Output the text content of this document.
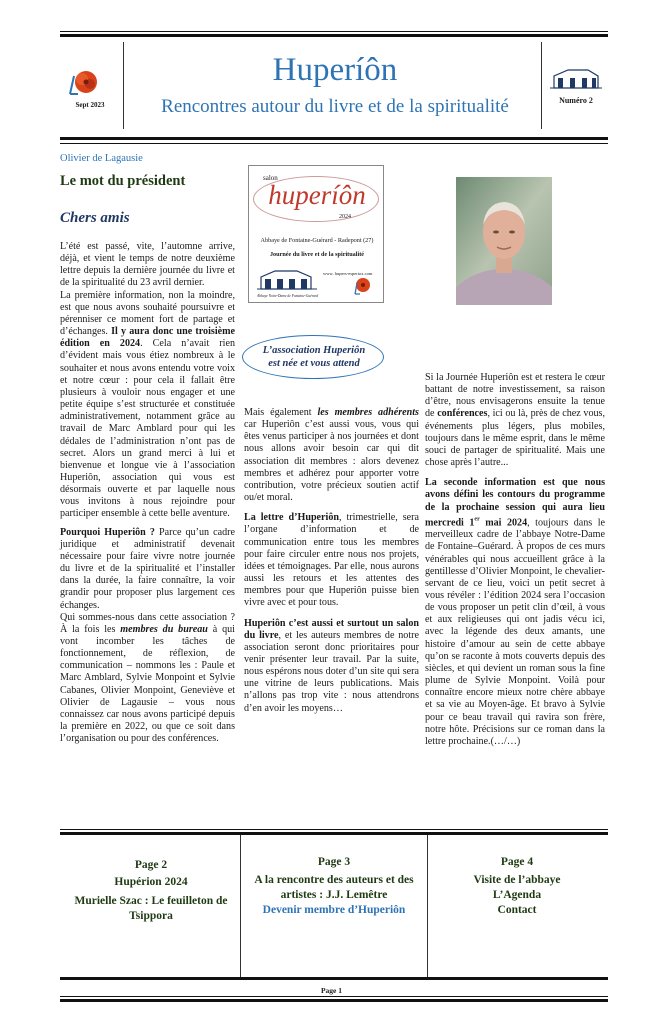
Sept 2023
Huperíôn
Rencontres autour du livre et de la spiritualité	Numéro 2
Olivier de Lagausie
Le mot du président
Chers amis

L’été est passé, vite, l’automne arrive, déjà, et vient le temps de notre deuxième lettre depuis la dernière journée du livre et de la spiritualité du 23 avril dernier.

La première information, non la moindre, est que nous avons souhaité poursuivre et pérenniser ce moment fort de partage et d’échanges. Il y aura donc une troisième édition en 2024. Cela n’avait rien d’évident mais vous étiez nombreux à le souhaiter et nous avons entendu votre voix et notre cœur : pour cela il fallait être plusieurs à vouloir nous engager et une petite équipe s’est structurée et constituée administrativement, notamment grâce au travail de Marc Amblard pour qui les dédales de l’administration n’ont pas de secret. Alors un grand merci à lui et bienvenue et longue vie à l’association Huperiôn, association qui vous est désormais ouverte et par laquelle nous vous invitons à nous rejoindre pour participer ensemble à cette belle aventure.

Pourquoi Huperiôn ? Parce qu’un cadre juridique et administratif devenait nécessaire pour faire vivre notre journée du livre et de la spiritualité et l’installer dans la durée, la faire connaître, la voir grandir pour proposer plus largement ces échanges.

Qui sommes-nous dans cette association ? À la fois les membres du bureau à qui vont incomber les tâches de fonctionnement, de réflexion, de communication – nommons les : Paule et Marc Amblard, Sylvie Monpoint et Sylvie Cabanes, Olivier Monpoint, Geneviève et Olivier de Lagausie – vous nous connaissez car nous avons participé depuis la première en 2022, ou que ce soit dans l’organisation ou pour des conférences.

salon
huperíôn
2024
Abbaye de Fontaine-Guérard - Radepont (27)
Journée du livre et de la spiritualité
www. hupers-esperiox.com
Abbaye Notre-Dame de Fontaine-Guérard
L’association Huperiôn
est née et vous attend

Mais également les membres adhérents car Huperiôn c’est aussi vous, vous qui êtes venus participer à nos journées et dont nous allons avoir besoin car qui dit association dit membres : alors devenez membres et adhérez pour apporter votre contribution, votre précieux soutien actif ou/et moral.

La lettre d’Huperiôn, trimestrielle, sera l’organe d’information et de communication entre tous les membres pour faire circuler entre nous nos projets, idées et témoignages. Par elle, nous aurons aussi les retours et les attentes des membres pour que Huperiôn puisse bien vivre avec et pour tous.

Huperiôn c’est aussi et surtout un salon du livre, et les auteurs membres de notre association seront donc prioritaires pour venir présenter leur travail. Par la suite, nous espérons nous doter d’un site qui sera une vitrine de leurs publications. Mais n’allons pas trop vite : nous attendrons d’en avoir les moyens…

Si la Journée Huperiôn est et restera le cœur battant de notre investissement, sa raison d’être, nous envisagerons ensuite la tenue de conférences, ici ou là, près de chez vous, événements plus légers, plus mobiles, toujours dans le même esprit, dans le même souci de partager de spiritualité. Mais une chose après l’autre...

La seconde information est que nous avons défini les contours du programme de la prochaine session qui aura lieu mercredi 1er mai 2024, toujours dans le merveilleux cadre de l’abbaye Notre-Dame de Fontaine–Guérard. À propos de ces murs vénérables qui nous accueillent grâce à la gentillesse d’Olivier Monpoint, le chevalier-servant de ce lieu, voici un petit secret à vous révéler : l’édition 2024 sera l’occasion de vous proposer un petit clin d’œil, à vous et aux religieuses qui ont jadis vécu ici, avec la légende des deux amants, une histoire d’amour au sein de cette abbaye qu’on se raconte à mots couverts depuis des siècles, et qui devient un roman sous la fine plume de Sylvie Monpoint. Voilà pour connaître encore mieux notre chère abbaye et sa vie au Moyen-âge. Et bravo à Sylvie pour ce beau travail qui ravira son frère, notre hôte. Précisions sur ce roman dans la lettre prochaine.(…/…)

Page 2
Hupérion 2024
Murielle Szac : Le feuilleton de Tsippora
Page 3
A la rencontre des auteurs et des artistes : J.J. Lemêtre
Devenir membre d’Huperiôn
Page 4
Visite de l’abbaye
L’Agenda
Contact
Page 1
